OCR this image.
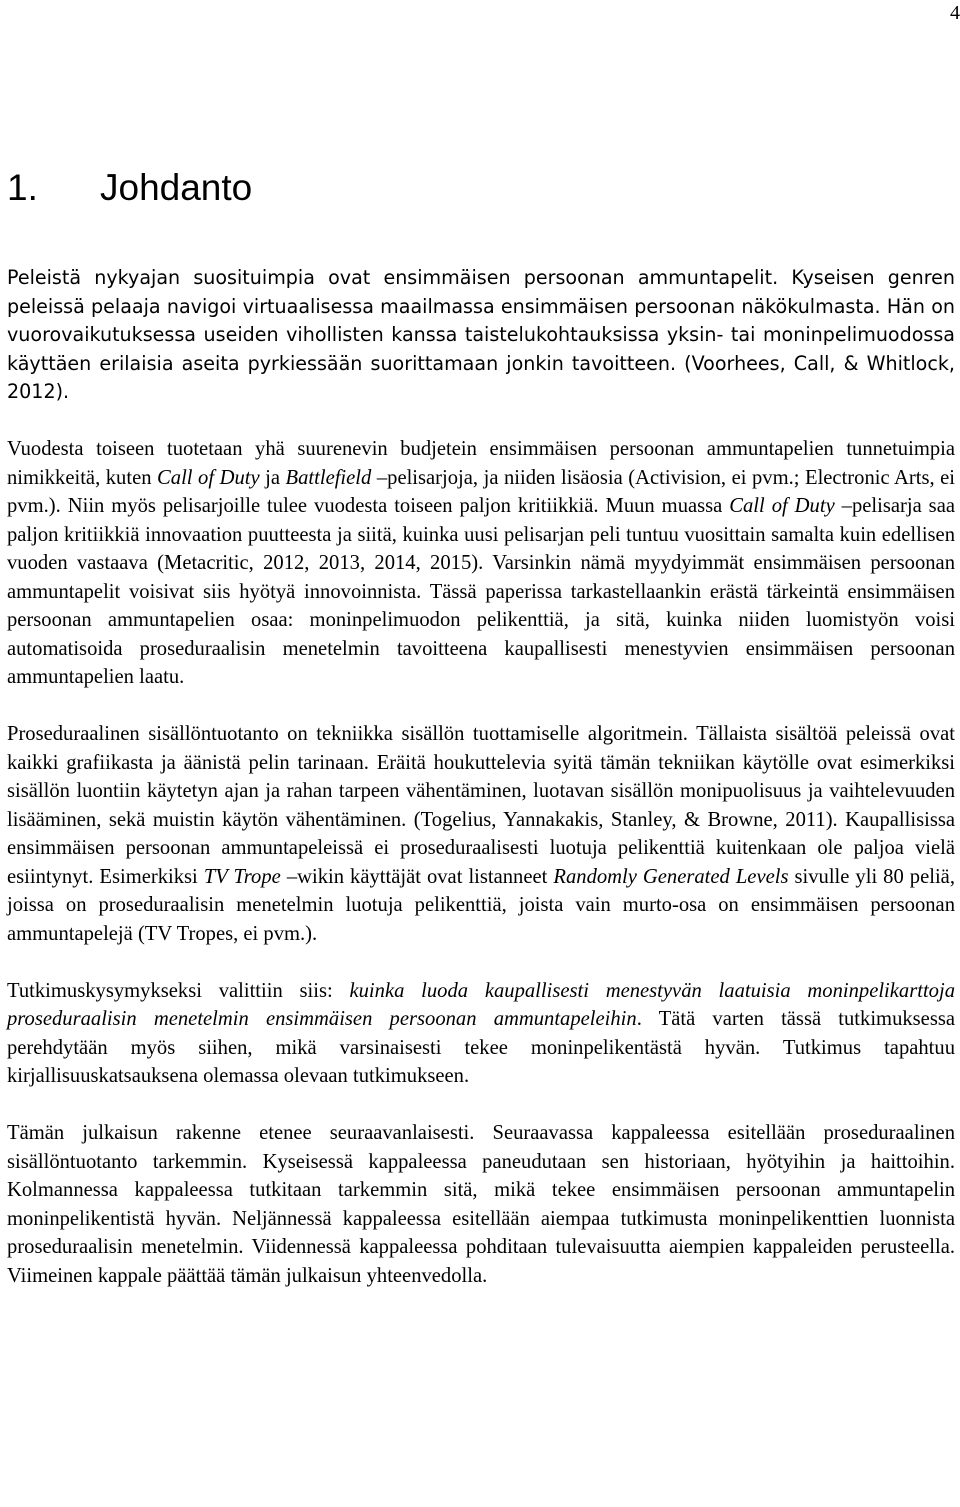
4
1. Johdanto

Peleistä nykyajan suosituimpia ovat ensimmäisen persoonan ammuntapelit. Kyseisen genren peleissä pelaaja navigoi virtuaalisessa maailmassa ensimmäisen persoonan näkökulmasta. Hän on vuorovaikutuksessa useiden vihollisten kanssa taistelukohtauksissa yksin- tai moninpelimuodossa käyttäen erilaisia aseita pyrkiessään suorittamaan jonkin tavoitteen. (Voorhees, Call, & Whitlock, 2012).

Vuodesta toiseen tuotetaan yhä suurenevin budjetein ensimmäisen persoonan ammuntapelien tunnetuimpia nimikkeitä, kuten Call of Duty ja Battlefield –pelisarjoja, ja niiden lisäosia (Activision, ei pvm.; Electronic Arts, ei pvm.). Niin myös pelisarjoille tulee vuodesta toiseen paljon kritiikkiä. Muun muassa Call of Duty –pelisarja saa paljon kritiikkiä innovaation puutteesta ja siitä, kuinka uusi pelisarjan peli tuntuu vuosittain samalta kuin edellisen vuoden vastaava (Metacritic, 2012, 2013, 2014, 2015). Varsinkin nämä myydyimmät ensimmäisen persoonan ammuntapelit voisivat siis hyötyä innovoinnista. Tässä paperissa tarkastellaankin erästä tärkeintä ensimmäisen persoonan ammuntapelien osaa: moninpelimuodon pelikenttiä, ja sitä, kuinka niiden luomistyön voisi automatisoida proseduraalisin menetelmin tavoitteena kaupallisesti menestyvien ensimmäisen persoonan ammuntapelien laatu.

Proseduraalinen sisällöntuotanto on tekniikka sisällön tuottamiselle algoritmein. Tällaista sisältöä peleissä ovat kaikki grafiikasta ja äänistä pelin tarinaan. Eräitä houkuttelevia syitä tämän tekniikan käytölle ovat esimerkiksi sisällön luontiin käytetyn ajan ja rahan tarpeen vähentäminen, luotavan sisällön monipuolisuus ja vaihtelevuuden lisääminen, sekä muistin käytön vähentäminen. (Togelius, Yannakakis, Stanley, & Browne, 2011). Kaupallisissa ensimmäisen persoonan ammuntapeleissä ei proseduraalisesti luotuja pelikenttiä kuitenkaan ole paljoa vielä esiintynyt. Esimerkiksi TV Trope –wikin käyttäjät ovat listanneet Randomly Generated Levels sivulle yli 80 peliä, joissa on proseduraalisin menetelmin luotuja pelikenttiä, joista vain murto-osa on ensimmäisen persoonan ammuntapelejä (TV Tropes, ei pvm.).

Tutkimuskysymykseksi valittiin siis: kuinka luoda kaupallisesti menestyvän laatuisia moninpelikarttoja proseduraalisin menetelmin ensimmäisen persoonan ammuntapeleihin. Tätä varten tässä tutkimuksessa perehdytään myös siihen, mikä varsinaisesti tekee moninpelikentästä hyvän. Tutkimus tapahtuu kirjallisuuskatsauksena olemassa olevaan tutkimukseen.

Tämän julkaisun rakenne etenee seuraavanlaisesti. Seuraavassa kappaleessa esitellään proseduraalinen sisällöntuotanto tarkemmin. Kyseisessä kappaleessa paneudutaan sen historiaan, hyötyihin ja haittoihin. Kolmannessa kappaleessa tutkitaan tarkemmin sitä, mikä tekee ensimmäisen persoonan ammuntapelin moninpelikentistä hyvän. Neljännessä kappaleessa esitellään aiempaa tutkimusta moninpelikenttien luonnista proseduraalisin menetelmin. Viidennessä kappaleessa pohditaan tulevaisuutta aiempien kappaleiden perusteella. Viimeinen kappale päättää tämän julkaisun yhteenvedolla.
